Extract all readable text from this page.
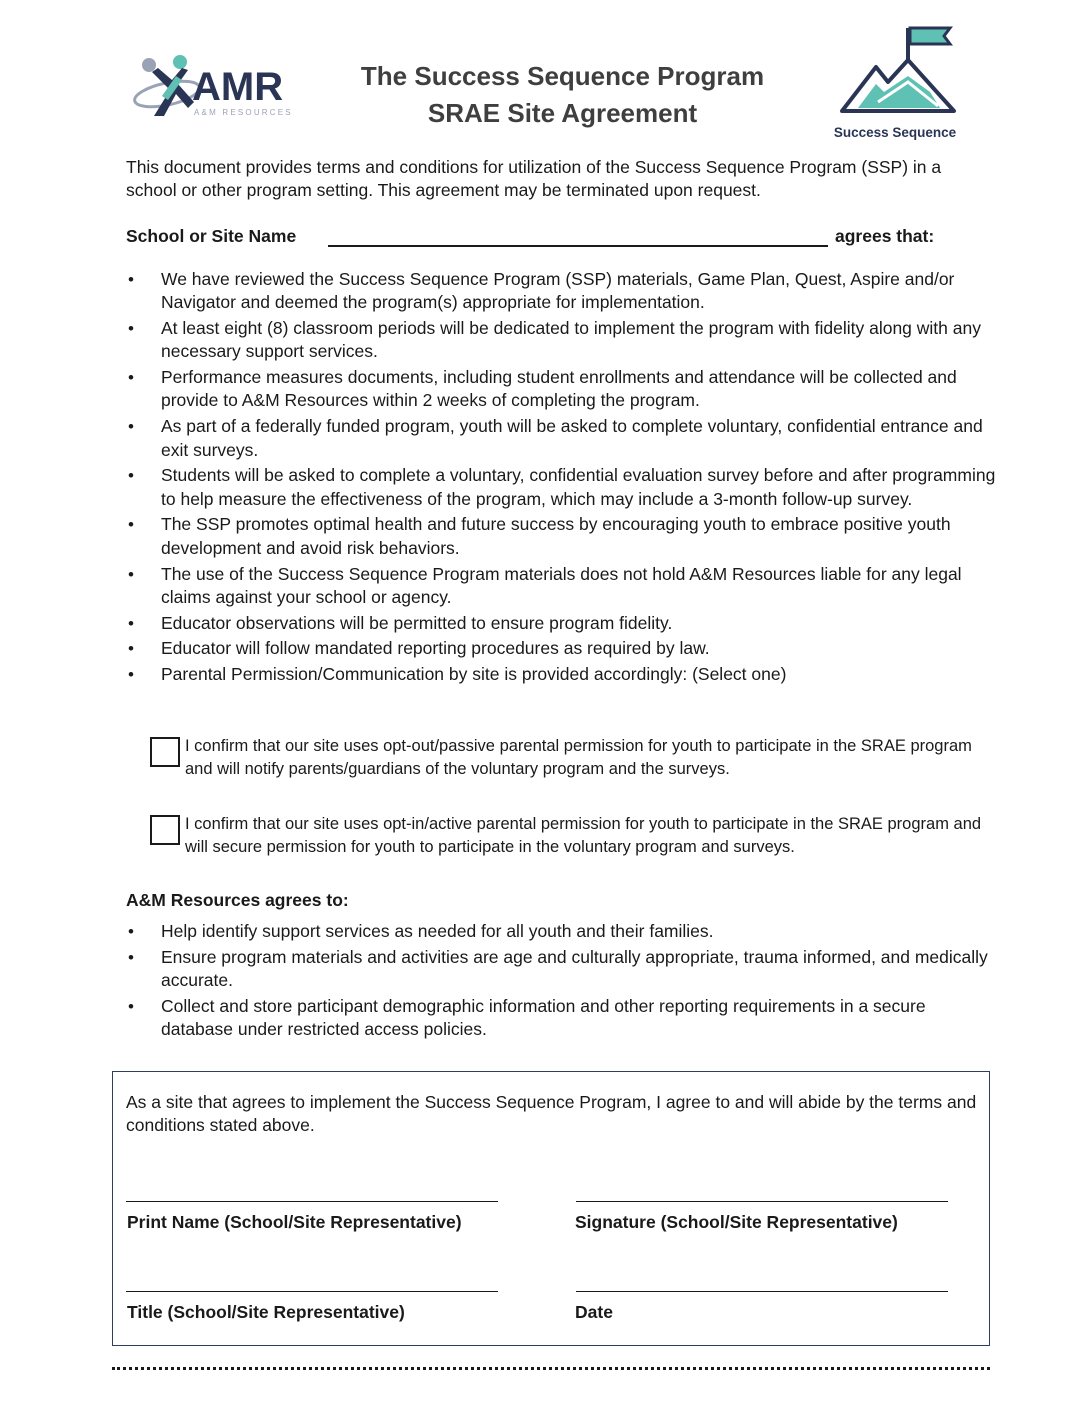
AMR
A&M RESOURCES
The Success Sequence Program
SRAE Site Agreement
Success Sequence
This document provides terms and conditions for utilization of the Success Sequence Program (SSP) in a school or other program setting. This agreement may be terminated upon request.
School or Site Name	agrees that:
• We have reviewed the Success Sequence Program (SSP) materials, Game Plan, Quest, Aspire and/or Navigator and deemed the program(s) appropriate for implementation.
• At least eight (8) classroom periods will be dedicated to implement the program with fidelity along with any necessary support services.
• Performance measures documents, including student enrollments and attendance will be collected and provide to A&M Resources within 2 weeks of completing the program.
• As part of a federally funded program, youth will be asked to complete voluntary, confidential entrance and exit surveys.
• Students will be asked to complete a voluntary, confidential evaluation survey before and after programming to help measure the effectiveness of the program, which may include a 3-month follow-up survey.
• The SSP promotes optimal health and future success by encouraging youth to embrace positive youth development and avoid risk behaviors.
• The use of the Success Sequence Program materials does not hold A&M Resources liable for any legal claims against your school or agency.
• Educator observations will be permitted to ensure program fidelity.
• Educator will follow mandated reporting procedures as required by law.
• Parental Permission/Communication by site is provided accordingly: (Select one)
I confirm that our site uses opt-out/passive parental permission for youth to participate in the SRAE program and will notify parents/guardians of the voluntary program and the surveys.
I confirm that our site uses opt-in/active parental permission for youth to participate in the SRAE program and will secure permission for youth to participate in the voluntary program and surveys.
A&M Resources agrees to:
• Help identify support services as needed for all youth and their families.
• Ensure program materials and activities are age and culturally appropriate, trauma informed, and medically accurate.
• Collect and store participant demographic information and other reporting requirements in a secure database under restricted access policies.
As a site that agrees to implement the Success Sequence Program, I agree to and will abide by the terms and conditions stated above.
Print Name (School/Site Representative)	Signature (School/Site Representative)
Title (School/Site Representative)	Date
